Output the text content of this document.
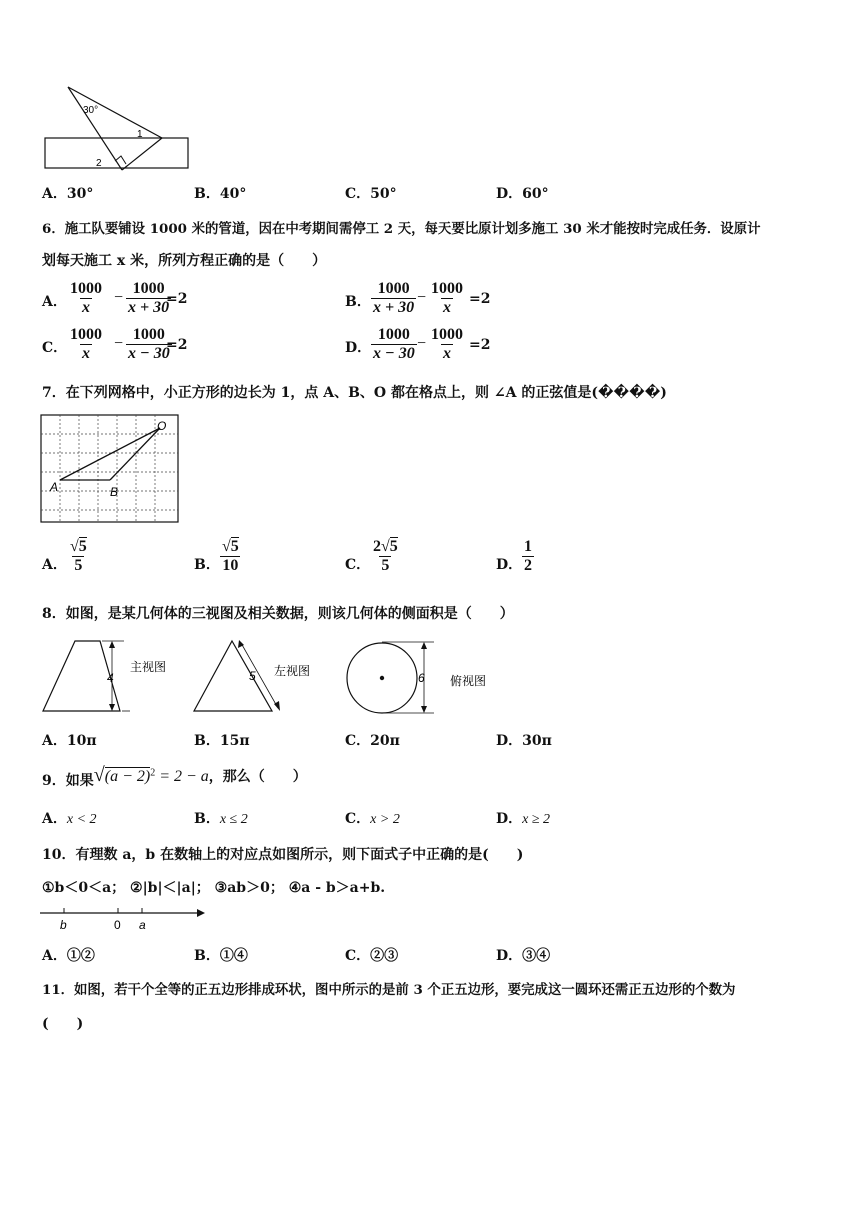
30°
1
2
A．30°	B．40°	C．50°	D．60°
6．施工队要铺设 1000 米的管道，因在中考期间需停工 2 天，每天要比原计划多施工 30 米才能按时完成任务．设原计
划每天施工 x 米，所列方程正确的是（　　）
A． $\frac{1000}{x} - \frac{1000}{x + 30}$
=2	B． $\frac{1000}{x + 30} - \frac{1000}{x} =2$
C． $\frac{1000}{x} - \frac{1000}{x - 30}$
=2	D． $\frac{1000}{x - 30} - \frac{1000}{x} =2$
7．在下列网格中，小正方形的边长为 1，点 A、B、O 都在格点上，则 ∠A 的正弦值是(����)
A	B
O
A． $\frac{√5}{5}$	B． $\frac{√5}{10}$	C． $\frac{2√5}{5}$	D． $\frac{1}{2}$
8．如图，是某几何体的三视图及相关数据，则该几何体的侧面积是（　　）
4
主视图
5 左视图	6 俯视图
A．10π	B．15π	C．20π	D．30π
9．如果$√(a - 2)^2 = 2 - a$，那么（　　）
A．x < 2	B．x ≤ 2	C．x > 2	D．x ≥ 2
10．有理数 a，b 在数轴上的对应点如图所示，则下面式子中正确的是(　　)
①b＜0＜a； ②|b|＜|a|； ③ab＞0； ④a - b＞a+b.
b	0 a
A．①②	B．①④	C．②③	D．③④
11．如图，若干个全等的正五边形排成环状，图中所示的是前 3 个正五边形，要完成这一圆环还需正五边形的个数为
(　　)
